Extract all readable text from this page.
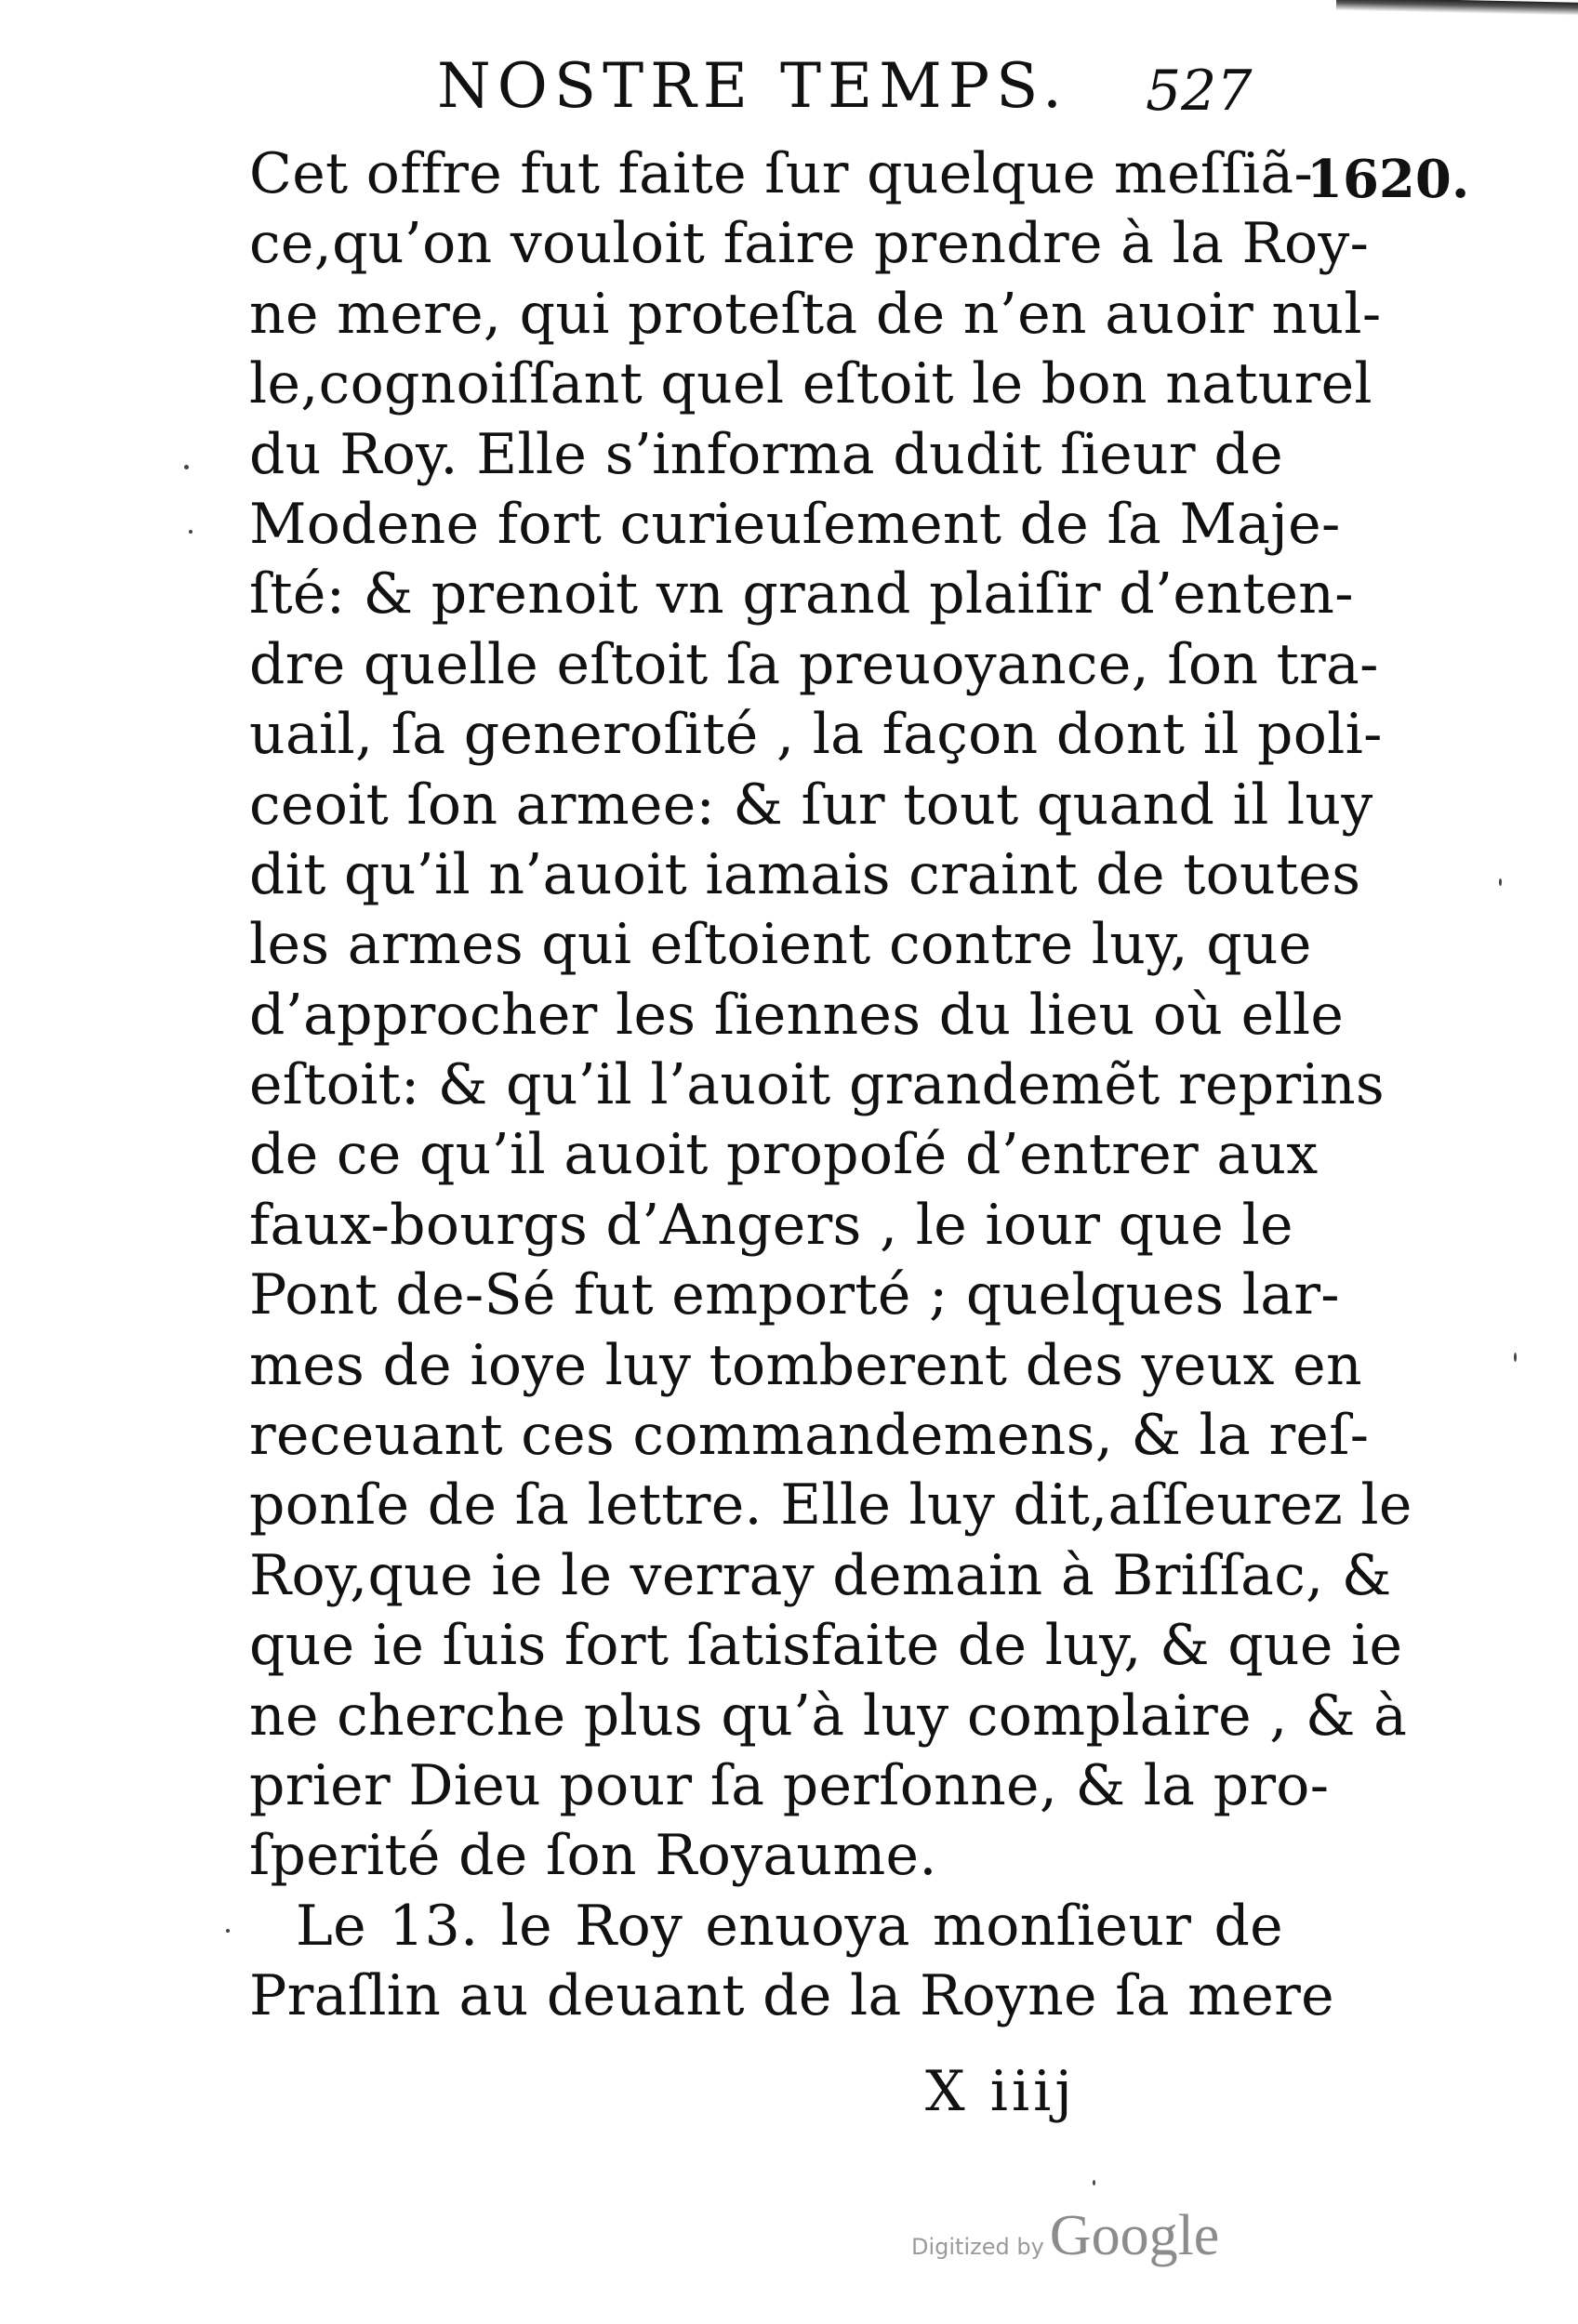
NOSTRE TEMPS. 527
1620.
Cet offre fut faite ſur quelque meſſiã-
ce,qu’on vouloit faire prendre à la Roy-
ne mere, qui proteſta de n’en auoir nul-
le,cognoiſſant quel eſtoit le bon naturel
du Roy. Elle s’informa dudit ſieur de
Modene fort curieuſement de ſa Maje-
ſté: & prenoit vn grand plaiſir d’enten-
dre quelle eſtoit ſa preuoyance, ſon tra-
uail, ſa generoſité , la façon dont il poli-
ceoit ſon armee: & ſur tout quand il luy
dit qu’il n’auoit iamais craint de toutes
les armes qui eſtoient contre luy, que
d’approcher les ſiennes du lieu où elle
eſtoit: & qu’il l’auoit grandemẽt reprins
de ce qu’il auoit propoſé d’entrer aux
faux-bourgs d’Angers , le iour que le
Pont de-Sé fut emporté ; quelques lar-
mes de ioye luy tomberent des yeux en
receuant ces commandemens, & la reſ-
ponſe de ſa lettre. Elle luy dit,aſſeurez le
Roy,que ie le verray demain à Briſſac, &
que ie ſuis fort ſatisfaite de luy, & que ie
ne cherche plus qu’à luy complaire , & à
prier Dieu pour ſa perſonne, & la pro-
ſperité de ſon Royaume.
Le 13. le Roy enuoya monſieur de
Praſlin au deuant de la Royne ſa mere
X iiij
Digitized by Google
